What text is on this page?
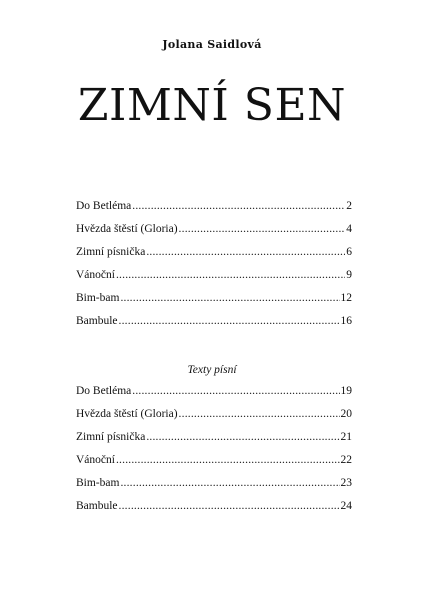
Jolana Saidlová
ZIMNÍ SEN
Do Betléma .....	2
Hvězda štěstí (Gloria) .....	4
Zimní písnička .....	6
Vánoční .....	9
Bim-bam .....	12
Bambule .....	16
Texty písní
Do Betléma .....	19
Hvězda štěstí (Gloria) .....	20
Zimní písnička .....	21
Vánoční .....	22
Bim-bam .....	23
Bambule .....	24
